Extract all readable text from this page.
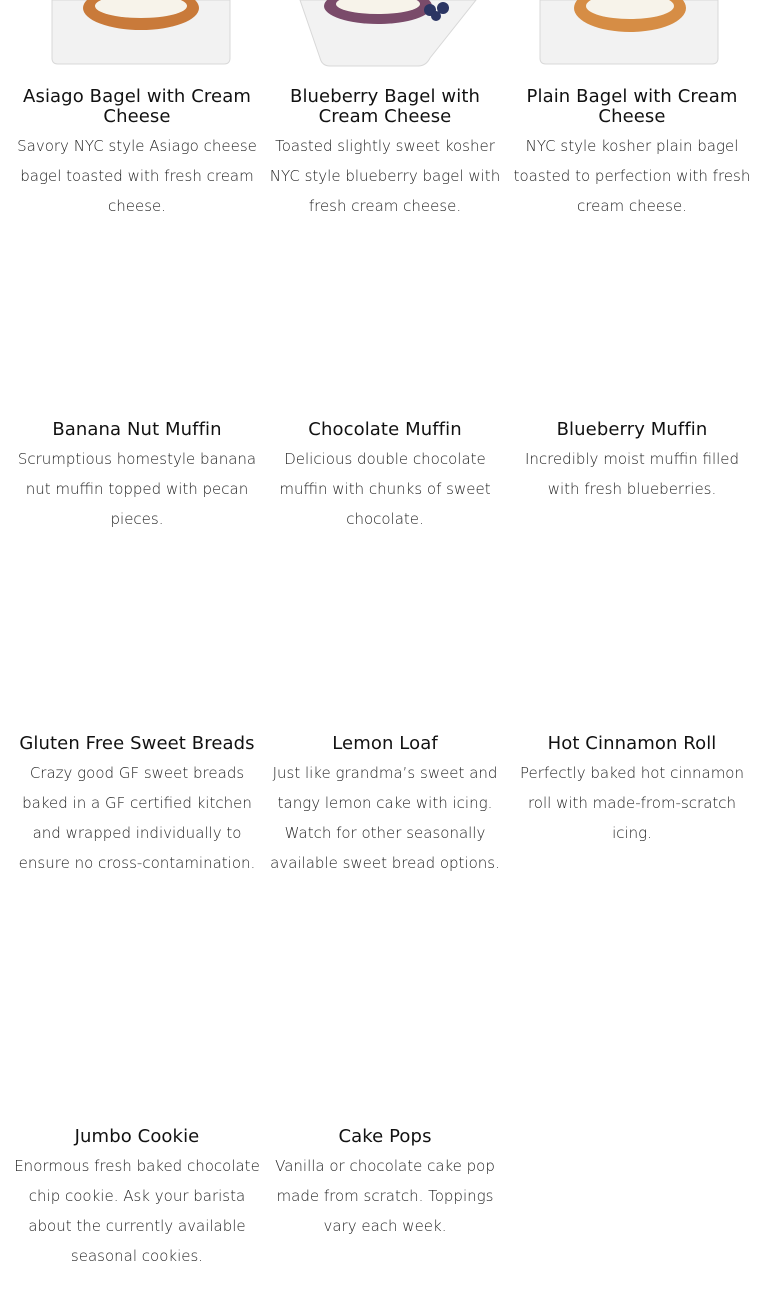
Asiago Bagel with Cream Cheese

Savory NYC style Asiago cheese bagel toasted with fresh cream cheese.

Blueberry Bagel with Cream Cheese

Toasted slightly sweet kosher NYC style blueberry bagel with fresh cream cheese.

Plain Bagel with Cream Cheese

NYC style kosher plain bagel toasted to perfection with fresh cream cheese.

Banana Nut Muffin

Scrumptious homestyle banana nut muffin topped with pecan pieces.

Chocolate Muffin

Delicious double chocolate muffin with chunks of sweet chocolate.

Blueberry Muffin

Incredibly moist muffin filled with fresh blueberries.

Gluten Free Sweet Breads

Crazy good GF sweet breads baked in a GF certified kitchen and wrapped individually to ensure no cross-contamination.

Lemon Loaf

Just like grandma’s sweet and tangy lemon cake with icing. Watch for other seasonally available sweet bread options.

Hot Cinnamon Roll

Perfectly baked hot cinnamon roll with made-from-scratch icing.

Jumbo Cookie

Enormous fresh baked chocolate chip cookie. Ask your barista about the currently available seasonal cookies.

Cake Pops

Vanilla or chocolate cake pop made from scratch. Toppings vary each week.
